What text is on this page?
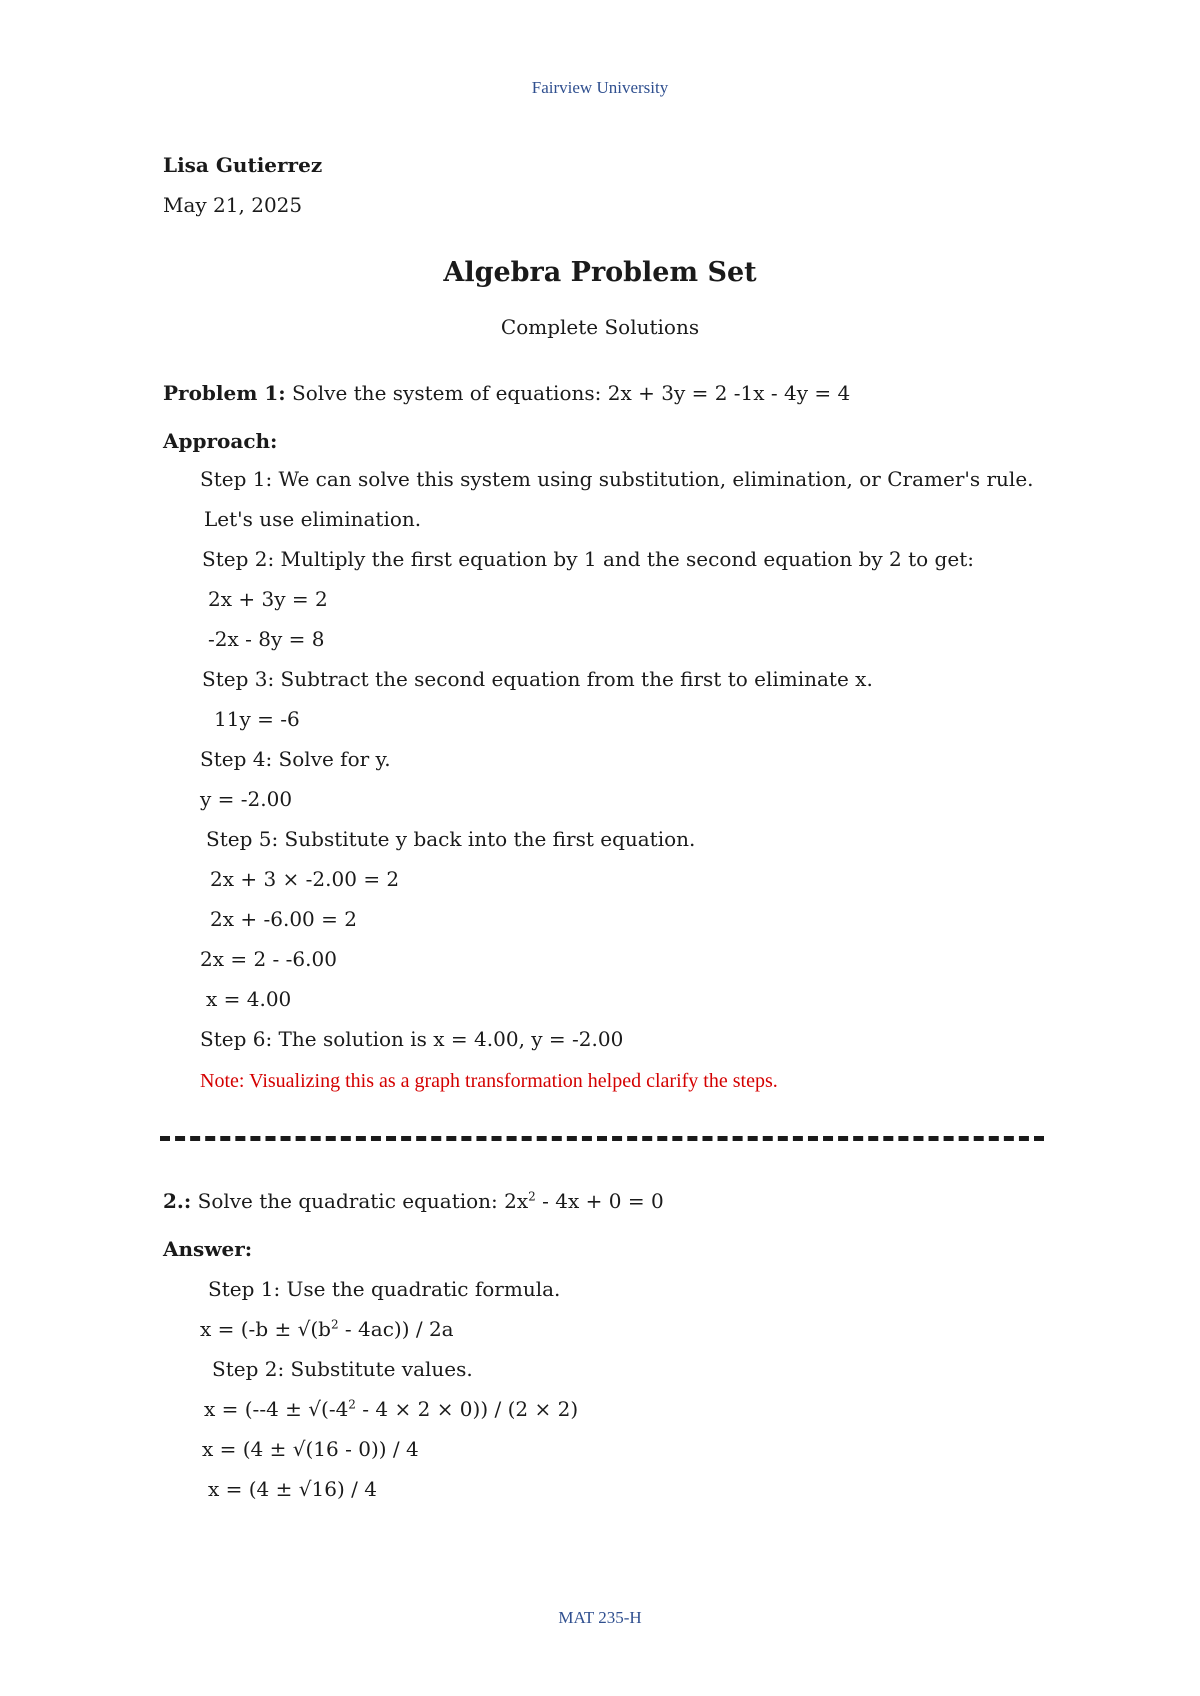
Fairview University
Lisa Gutierrez
May 21, 2025
Algebra Problem Set
Complete Solutions
Problem 1: Solve the system of equations: 2x + 3y = 2 -1x - 4y = 4
Approach:
Step 1: We can solve this system using substitution, elimination, or Cramer's rule.
Let's use elimination.
Step 2: Multiply the first equation by 1 and the second equation by 2 to get:
2x + 3y = 2
-2x - 8y = 8
Step 3: Subtract the second equation from the first to eliminate x.
11y = -6
Step 4: Solve for y.
y = -2.00
Step 5: Substitute y back into the first equation.
2x + 3 × -2.00 = 2
2x + -6.00 = 2
2x = 2 - -6.00
x = 4.00
Step 6: The solution is x = 4.00, y = -2.00
Note: Visualizing this as a graph transformation helped clarify the steps.
2.: Solve the quadratic equation: $2x^2 - 4x + 0 = 0$
Answer:
Step 1: Use the quadratic formula.
$x = (-b \pm √(b^2 - 4ac)) / 2a$
Step 2: Substitute values.
$x = (--4 \pm √(-4^2 - 4 \times 2 \times 0)) / (2 \times 2)$
x = (4 ± √(16 - 0)) / 4
x = (4 ± √16) / 4
MAT 235-H
